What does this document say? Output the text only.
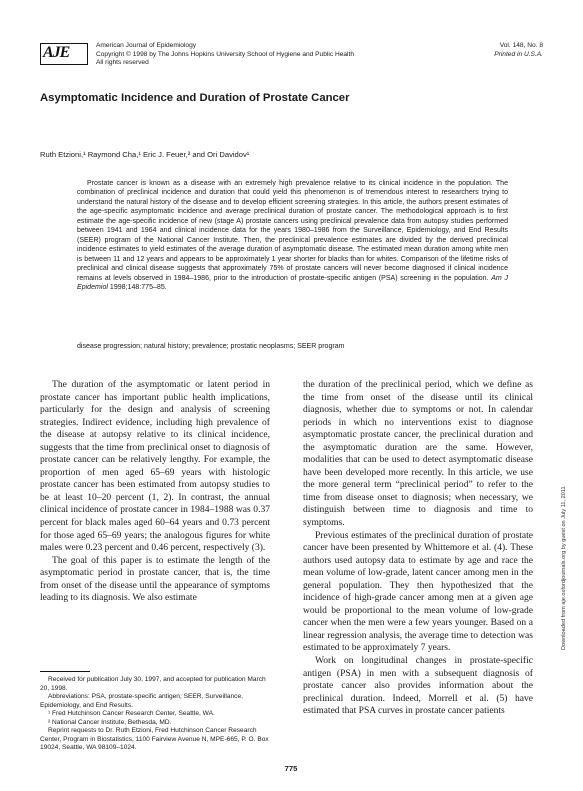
AJE	American Journal of Epidemiology
Copyright © 1998 by The Johns Hopkins University School of Hygiene and Public Health
All rights reserved
Vol. 148, No. 8
Printed in U.S.A.
Asymptomatic Incidence and Duration of Prostate Cancer
Ruth Etzioni,¹ Raymond Cha,¹ Eric J. Feuer,² and Ori Davidov¹

Prostate cancer is known as a disease with an extremely high prevalence relative to its clinical incidence in the population. The combination of preclinical incidence and duration that could yield this phenomenon is of tremendous interest to researchers trying to understand the natural history of the disease and to develop efficient screening strategies. In this article, the authors present estimates of the age-specific asymptomatic incidence and average preclinical duration of prostate cancer. The methodological approach is to first estimate the age-specific incidence of new (stage A) prostate cancers using preclinical prevalence data from autopsy studies performed between 1941 and 1964 and clinical incidence data for the years 1980–1986 from the Surveillance, Epidemiology, and End Results (SEER) program of the National Cancer Institute. Then, the preclinical prevalence estimates are divided by the derived preclinical incidence estimates to yield estimates of the average duration of asymptomatic disease. The estimated mean duration among white men is between 11 and 12 years and appears to be approximately 1 year shorter for blacks than for whites. Comparison of the lifetime risks of preclinical and clinical disease suggests that approximately 75% of prostate cancers will never become diagnosed if clinical incidence remains at levels observed in 1984–1986, prior to the introduction of prostate-specific antigen (PSA) screening in the population. Am J Epidemiol 1998;148:775–85.

disease progression; natural history; prevalence; prostatic neoplasms; SEER program
Downloaded from aje.oxfordjournals.org by guest on July 11, 2011

The duration of the asymptomatic or latent period in prostate cancer has important public health implications, particularly for the design and analysis of screening strategies. Indirect evidence, including high prevalence of the disease at autopsy relative to its clinical incidence, suggests that the time from preclinical onset to diagnosis of prostate cancer can be relatively lengthy. For example, the proportion of men aged 65–69 years with histologic prostate cancer has been estimated from autopsy studies to be at least 10–20 percent (1, 2). In contrast, the annual clinical incidence of prostate cancer in 1984–1988 was 0.37 percent for black males aged 60–64 years and 0.73 percent for those aged 65–69 years; the analogous figures for white males were 0.23 percent and 0.46 percent, respectively (3).

The goal of this paper is to estimate the length of the asymptomatic period in prostate cancer, that is, the time from onset of the disease until the appearance of symptoms leading to its diagnosis. We also estimate

the duration of the preclinical period, which we define as the time from onset of the disease until its clinical diagnosis, whether due to symptoms or not. In calendar periods in which no interventions exist to diagnose asymptomatic prostate cancer, the preclinical duration and the asymptomatic duration are the same. However, modalities that can be used to detect asymptomatic disease have been developed more recently. In this article, we use the more general term “preclinical period” to refer to the time from disease onset to diagnosis; when necessary, we distinguish between time to diagnosis and time to symptoms.

Previous estimates of the preclinical duration of prostate cancer have been presented by Whittemore et al. (4). These authors used autopsy data to estimate by age and race the mean volume of low-grade, latent cancer among men in the general population. They then hypothesized that the incidence of high-grade cancer among men at a given age would be proportional to the mean volume of low-grade cancer when the men were a few years younger. Based on a linear regression analysis, the average time to detection was estimated to be approximately 7 years.

Work on longitudinal changes in prostate-specific antigen (PSA) in men with a subsequent diagnosis of prostate cancer also provides information about the preclinical duration. Indeed, Morrell et al. (5) have estimated that PSA curves in prostate cancer patients

Received for publication July 30, 1997, and accepted for publication March 20, 1998.
Abbreviations: PSA, prostate-specific antigen; SEER, Surveillance, Epidemiology, and End Results.
¹ Fred Hutchinson Cancer Research Center, Seattle, WA.
² National Cancer Institute, Bethesda, MD.
Reprint requests to Dr. Ruth Etzioni, Fred Hutchinson Cancer Research Center, Program in Biostatistics, 1100 Fairview Avenue N, MPE-665, P. O. Box 19024, Seattle, WA 98109–1024.
775
